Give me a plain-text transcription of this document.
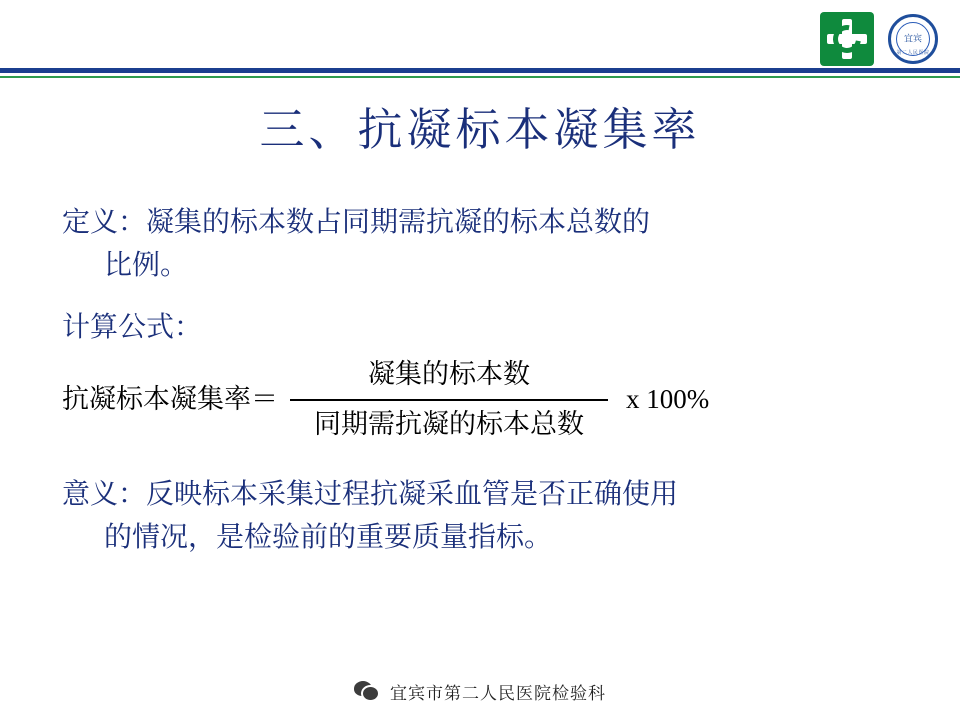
宜宾
第二人民医院
三、抗凝标本凝集率
定义：凝集的标本数占同期需抗凝的标本总数的
比例。
计算公式：
抗凝标本凝集率＝ $\frac{\text{凝集的标本数}}{\text{同期需抗凝的标本总数}}$ x 100%
意义：反映标本采集过程抗凝采血管是否正确使用
的情况，是检验前的重要质量指标。
宜宾市第二人民医院检验科
